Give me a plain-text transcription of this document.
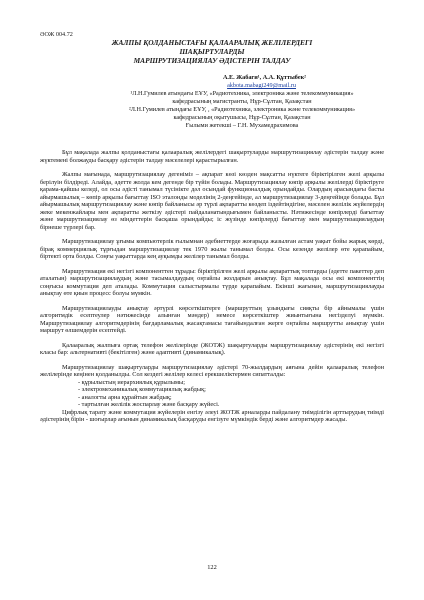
ӘОЖ 004.72
ЖАЛПЫ ҚОЛДАНЫСТАҒЫ ҚАЛААРАЛЫҚ ЖЕЛІЛЕРДЕГІ
ШАҚЫРТУЛАРДЫ
МАРШРУТИЗАЦИЯЛАУ ӘДІСТЕРІН ТАЛДАУ
А.Е. Жабаги¹, А.А. Құттыбек²
akbota.mabagi249@mail.ru

¹Л.Н.Гумилев атындағы ЕҰУ, «Радиотехника, электроника және телекоммуникация»

кафедрасының магистранты, Нұр-Сұлтан, Қазақстан

²Л.Н.Гумилев атындағы ЕҰУ, , «Радиотехника, электроника және телекоммуникация»

кафедрасының оқытушысы, Нұр-Сұлтан, Қазақстан

Ғылыми жетекші – Г.Н. Мухамедрахимова

Бұл мақалада жалпы қолданыстағы қалааралық желілердегі шақыртуларды маршрутизациялау әдістерін талдау және жүктемені болжауды басқару әдістерін талдау мәселелері қарастырылған.

Жалпы мағынада, маршрутизациялау дегеніміз – ақпарат көзі көзден мақсатты нүктеге біріктірілген желі арқылы берілуін білдіреді. Алайда, әдетте жолда кем дегенде бір түйін болады. Маршрутизациялау көпір арқылы желілерді біріктіруге қарама-қайшы келеді, ол осы әдісті танымал түсінікте дәл осындай функционалдық орындайды. Олардың арасындағы басты айырмашылық – көпір арқылы бағыттау ISO эталонды моделінің 2-деңгейінде, ал маршрутизациялау 3-деңгейінде болады. Бұл айырмашылық маршрутизациялау және көпір байланысы әр түрлі ақпаратты көздеп іздейтіндігіне, мәселен желілік жүйелердің жеке мекенжайлары мен ақпаратты жеткізу әдістері пайдаланатындығымен байланысты. Нәтижесінде көпірлерді бағыттау және маршрутизациялау өз міндеттерін басқаша орындайды; іс жүзінде көпірлерді бағыттау мен маршрутизациялаудың бірнеше түрлері бар.

Маршрутизациялау ұғымы компьютерлік ғылымнан әдебиеттерде жоғарыда жазылған астам уақыт бойы жарық көрді, бірақ коммерциялық тұрғыдан маршрутизациялау тек 1970 жылы танымал болды. Осы кезеңде желілер өте қарапайым, біртекті орта болды. Соңғы уақыттарда кең ауқымды желілер танымал болды.

Маршрутизация екі негізгі компоненттен тұрады: біріктірілген желі арқылы ақпараттық топтарды (әдетте пакеттер деп аталатын) маршрутизациялаудың және тасымалдаудың оңтайлы жолдарын анықтау. Бұл мақалада осы екі компоненттің соңғысы коммутация деп аталады. Коммутация салыстырмалы түрде қарапайым. Екінші жағынан, маршрутизациялауды анықтау өте қиын процесс болуы мүмкін.

Маршрутизациялауды анықтау әртүрлі көрсеткіштерге (маршруттың ұзындығы сияқты бір айнымалы үшін алгоритмдік есептеулер нәтижесінде алынған мәндер) немесе көрсеткіштер жиынтығына негізделуі мүмкін. Маршрутизациялау алгоритмдерінің бағдарламалық жасақтамасы тағайындалған жерге оңтайлы маршрутты анықтау үшін маршрут өлшемдерін есептейді.

Қалааралық жалпыға ортақ телефон желілерінде (ЖОТЖ) шақыртуларды маршрутизациялау әдістерінің екі негізгі класы бар: альтернативті (бекітілген) және адаптивті (динамикалық).

Маршрутизациялау шақыртуларды маршрутизациялау әдістері 70-жылдардың аяғына дейін қалааралық телефон желілерінде кеңінен қолданылды. Сол кездегі желілер келесі ерекшеліктермен сипатталды:

- құрылыстың иерархиялық құрылымы;
- электромеханикалық коммутациялық жабдық;
- аналогты арна құрайтын жабдық;
- тартылған желілік жоспарлау және басқару жүйесі.

Цифрлық тарату және коммутация жүйелерін енгізу әлеуі ЖОТЖ арналарды пайдалану тиімділігін арттырудың тиімді әдістерінің бірін - шоғырлар ағынын динамикалық басқаруды енгізуге мүмкіндік берді және алгоритмдер жасады.

122
